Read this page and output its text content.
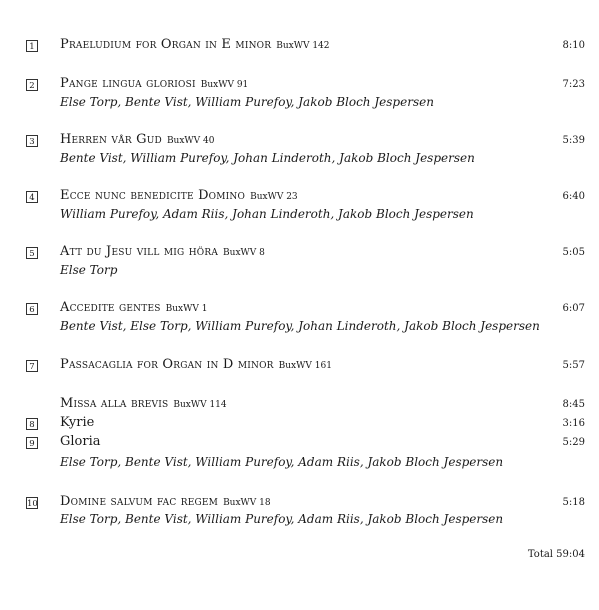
1 Praeludium for Organ in E minor BuxWV 142	8:10
2 Pange lingua gloriosi BuxWV 91	7:23
Else Torp, Bente Vist, William Purefoy, Jakob Bloch Jespersen
3 Herren vår Gud BuxWV 40	5:39
Bente Vist, William Purefoy, Johan Linderoth, Jakob Bloch Jespersen
4 Ecce nunc benedicite Domino BuxWV 23	6:40
William Purefoy, Adam Riis, Johan Linderoth, Jakob Bloch Jespersen
5 Att du Jesu vill mig höra BuxWV 8	5:05
Else Torp
6 Accedite gentes BuxWV 1	6:07
Bente Vist, Else Torp, William Purefoy, Johan Linderoth, Jakob Bloch Jespersen
7 Passacaglia for Organ in D minor BuxWV 161	5:57
Missa alla brevis BuxWV 114	8:45
8 Kyrie	3:16
9 Gloria	5:29
Else Torp, Bente Vist, William Purefoy, Adam Riis, Jakob Bloch Jespersen
10 Domine salvum fac regem BuxWV 18	5:18
Else Torp, Bente Vist, William Purefoy, Adam Riis, Jakob Bloch Jespersen
Total 59:04
